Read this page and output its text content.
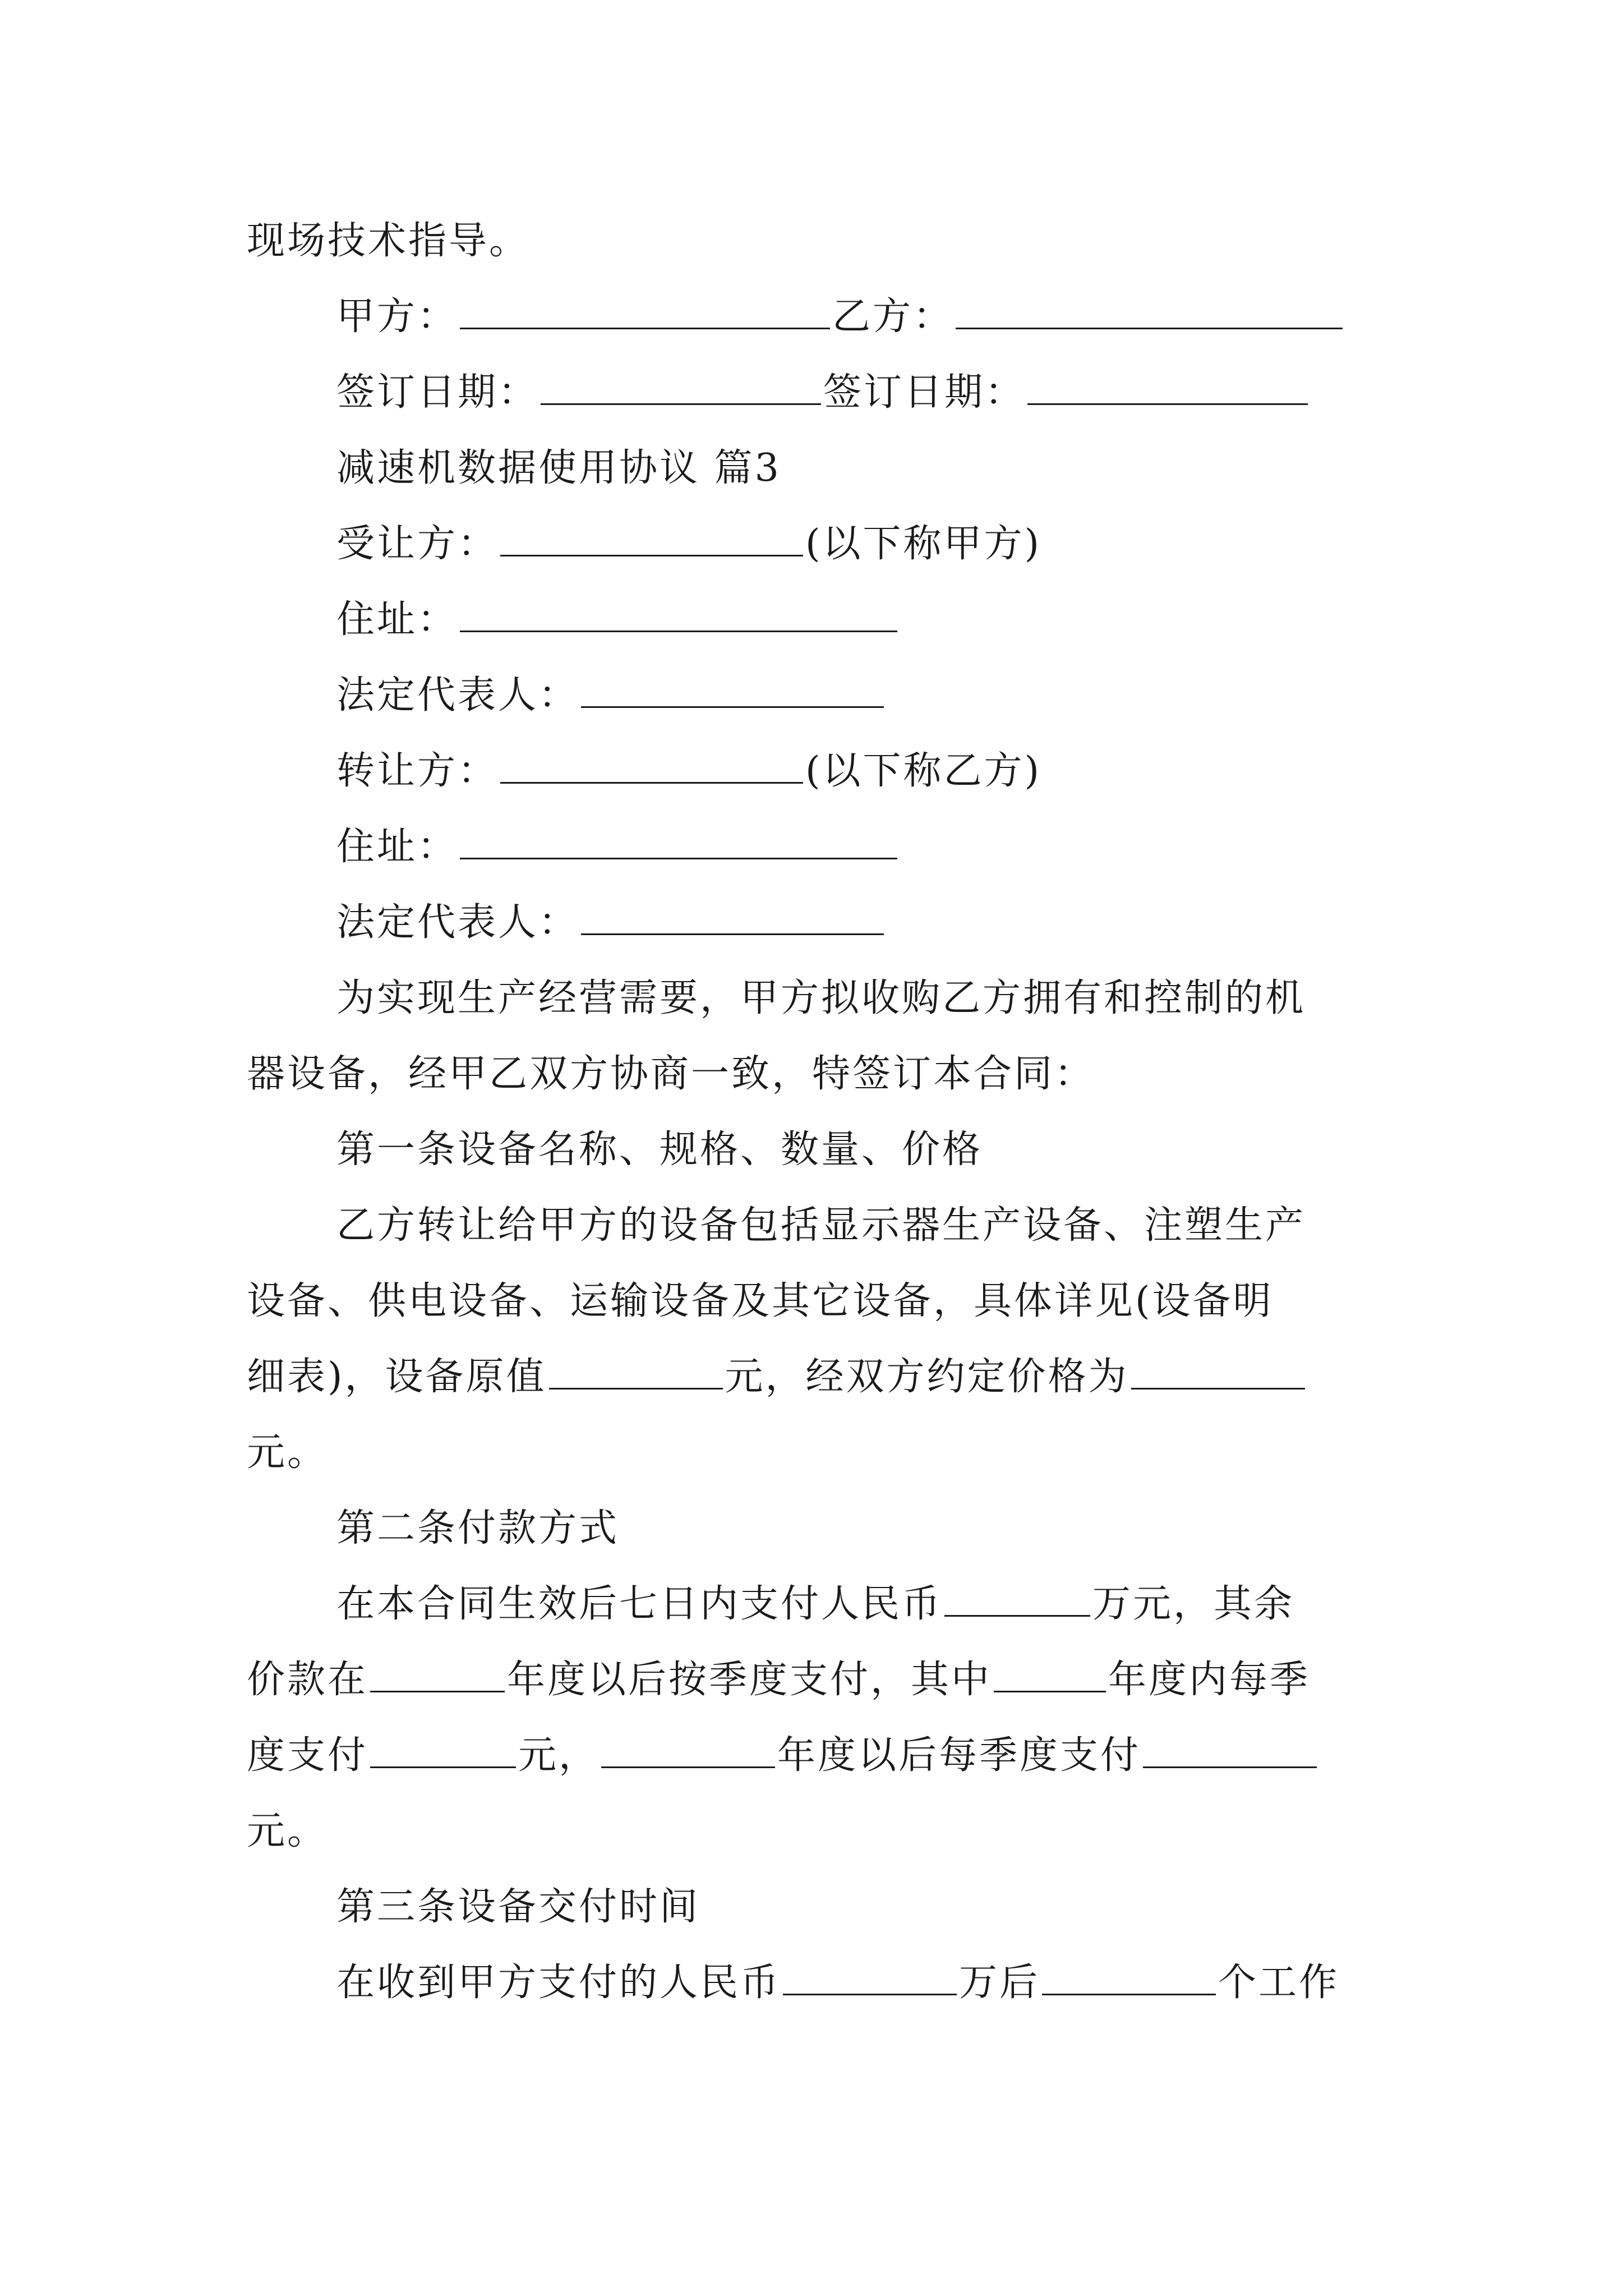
现场技术指导。
甲方：	乙方：
签订日期：	签订日期：
减速机数据使用协议 篇3
受让方：	(以下称甲方)
住址：
法定代表人：
转让方：	(以下称乙方)
住址：
法定代表人：
为实现生产经营需要，甲方拟收购乙方拥有和控制的机
器设备，经甲乙双方协商一致，特签订本合同：
第一条设备名称、规格、数量、价格
乙方转让给甲方的设备包括显示器生产设备、注塑生产
设备、供电设备、运输设备及其它设备，具体详见(设备明
细表)，设备原值	元，经双方约定价格为
元。
第二条付款方式
在本合同生效后七日内支付人民币	万元，其余
价款在	年度以后按季度支付，其中	年度内每季
度支付	元，	年度以后每季度支付
元。
第三条设备交付时间
在收到甲方支付的人民币	万后	个工作
